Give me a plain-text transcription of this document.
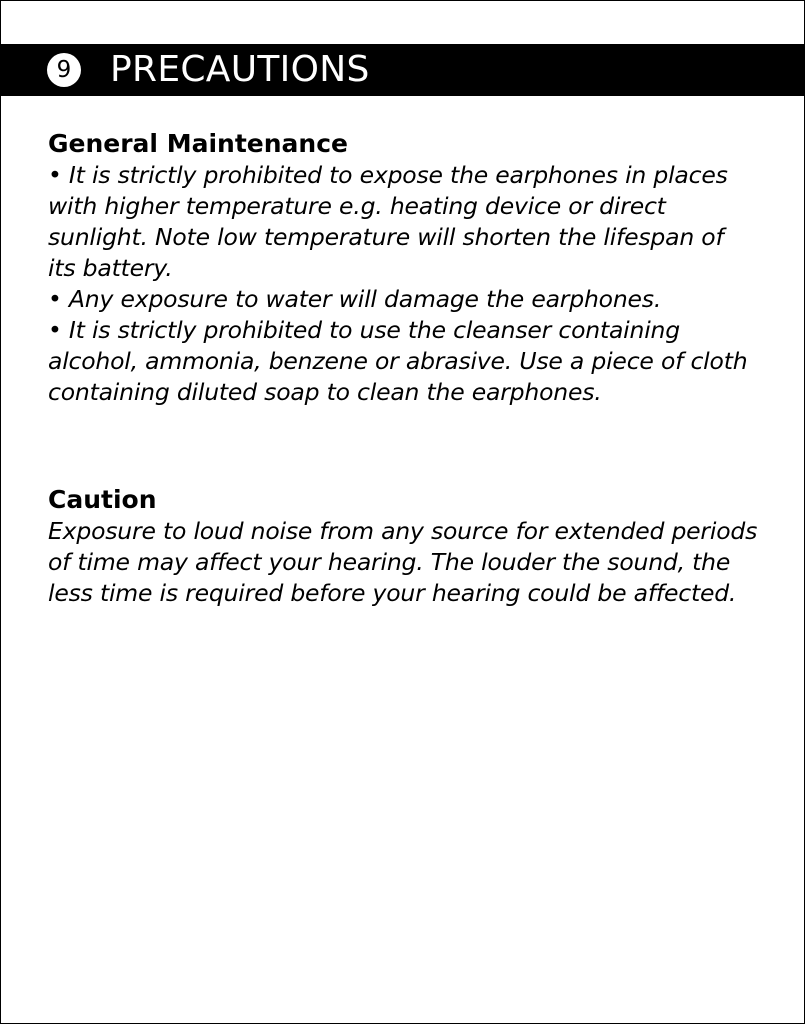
9 PRECAUTIONS
General Maintenance

• It is strictly prohibited to expose the earphones in places with higher temperature e.g. heating device or direct sunlight. Note low temperature will shorten the lifespan of its battery.

• Any exposure to water will damage the earphones.

• It is strictly prohibited to use the cleanser containing alcohol, ammonia, benzene or abrasive. Use a piece of cloth containing diluted soap to clean the earphones.

Caution

Exposure to loud noise from any source for extended periods of time may affect your hearing. The louder the sound, the less time is required before your hearing could be affected.
